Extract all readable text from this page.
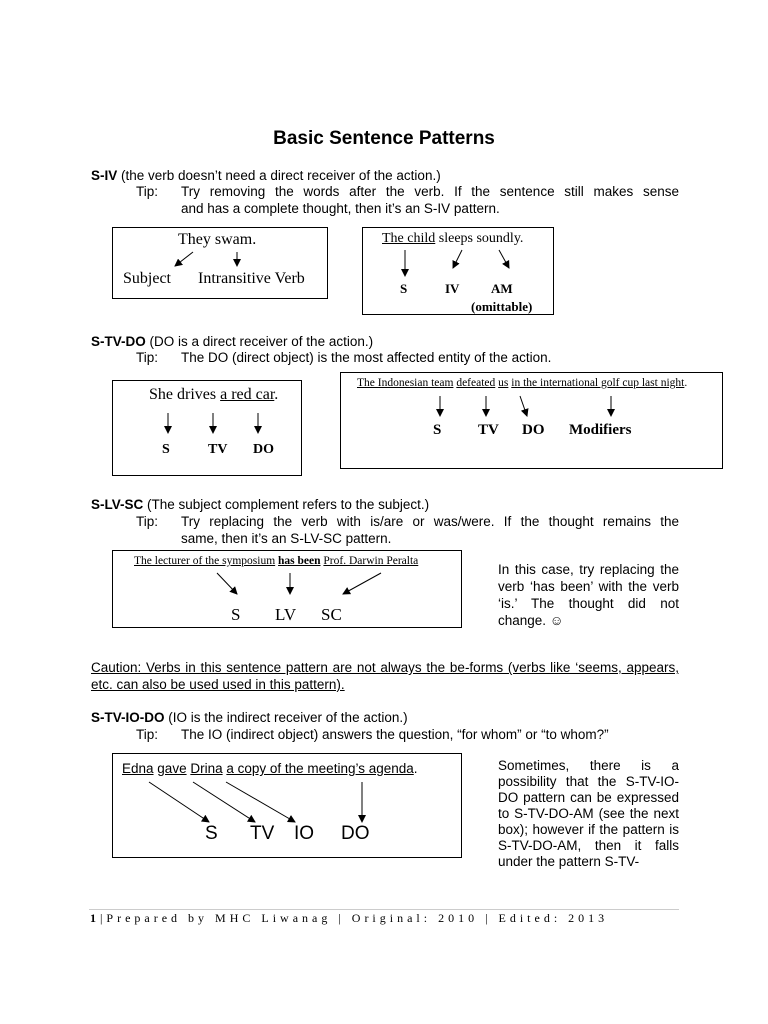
Basic Sentence Patterns
S-IV (the verb doesn’t need a direct receiver of the action.)
Tip: Try removing the words after the verb. If the sentence still makes sense
and has a complete thought, then it’s an S-IV pattern.
They swam.
Subject Intransitive Verb
The child sleeps soundly.
S	IV AM
(omittable)
S-TV-DO (DO is a direct receiver of the action.)
Tip: The DO (direct object) is the most affected entity of the action.
She drives a red car.
S	TV DO
The Indonesian team defeated us in the international golf cup last night.
S TV DO Modifiers
S-LV-SC (The subject complement refers to the subject.)
Tip: Try replacing the verb with is/are or was/were. If the thought remains the
same, then it’s an S-LV-SC pattern.
The lecturer of the symposium has been Prof. Darwin Peralta
S LV SC
In this case, try replacing the verb ‘has been’ with the verb ‘is.’ The thought did not change. ☺
Caution: Verbs in this sentence pattern are not always the be-forms (verbs like ‘seems, appears, etc. can also be used used in this pattern).
S-TV-IO-DO (IO is the indirect receiver of the action.)
Tip: The IO (indirect object) answers the question, “for whom” or “to whom?”
Edna gave Drina a copy of the meeting’s agenda.
S TV IO DO
Sometimes, there is a possibility that the S-TV-IO-DO pattern can be expressed to S-TV-DO-AM (see the next box); however if the pattern is S-TV-DO-AM, then it falls under the pattern S-TV-
1|Prepared by MHC Liwanag | Original: 2010 | Edited: 2013
